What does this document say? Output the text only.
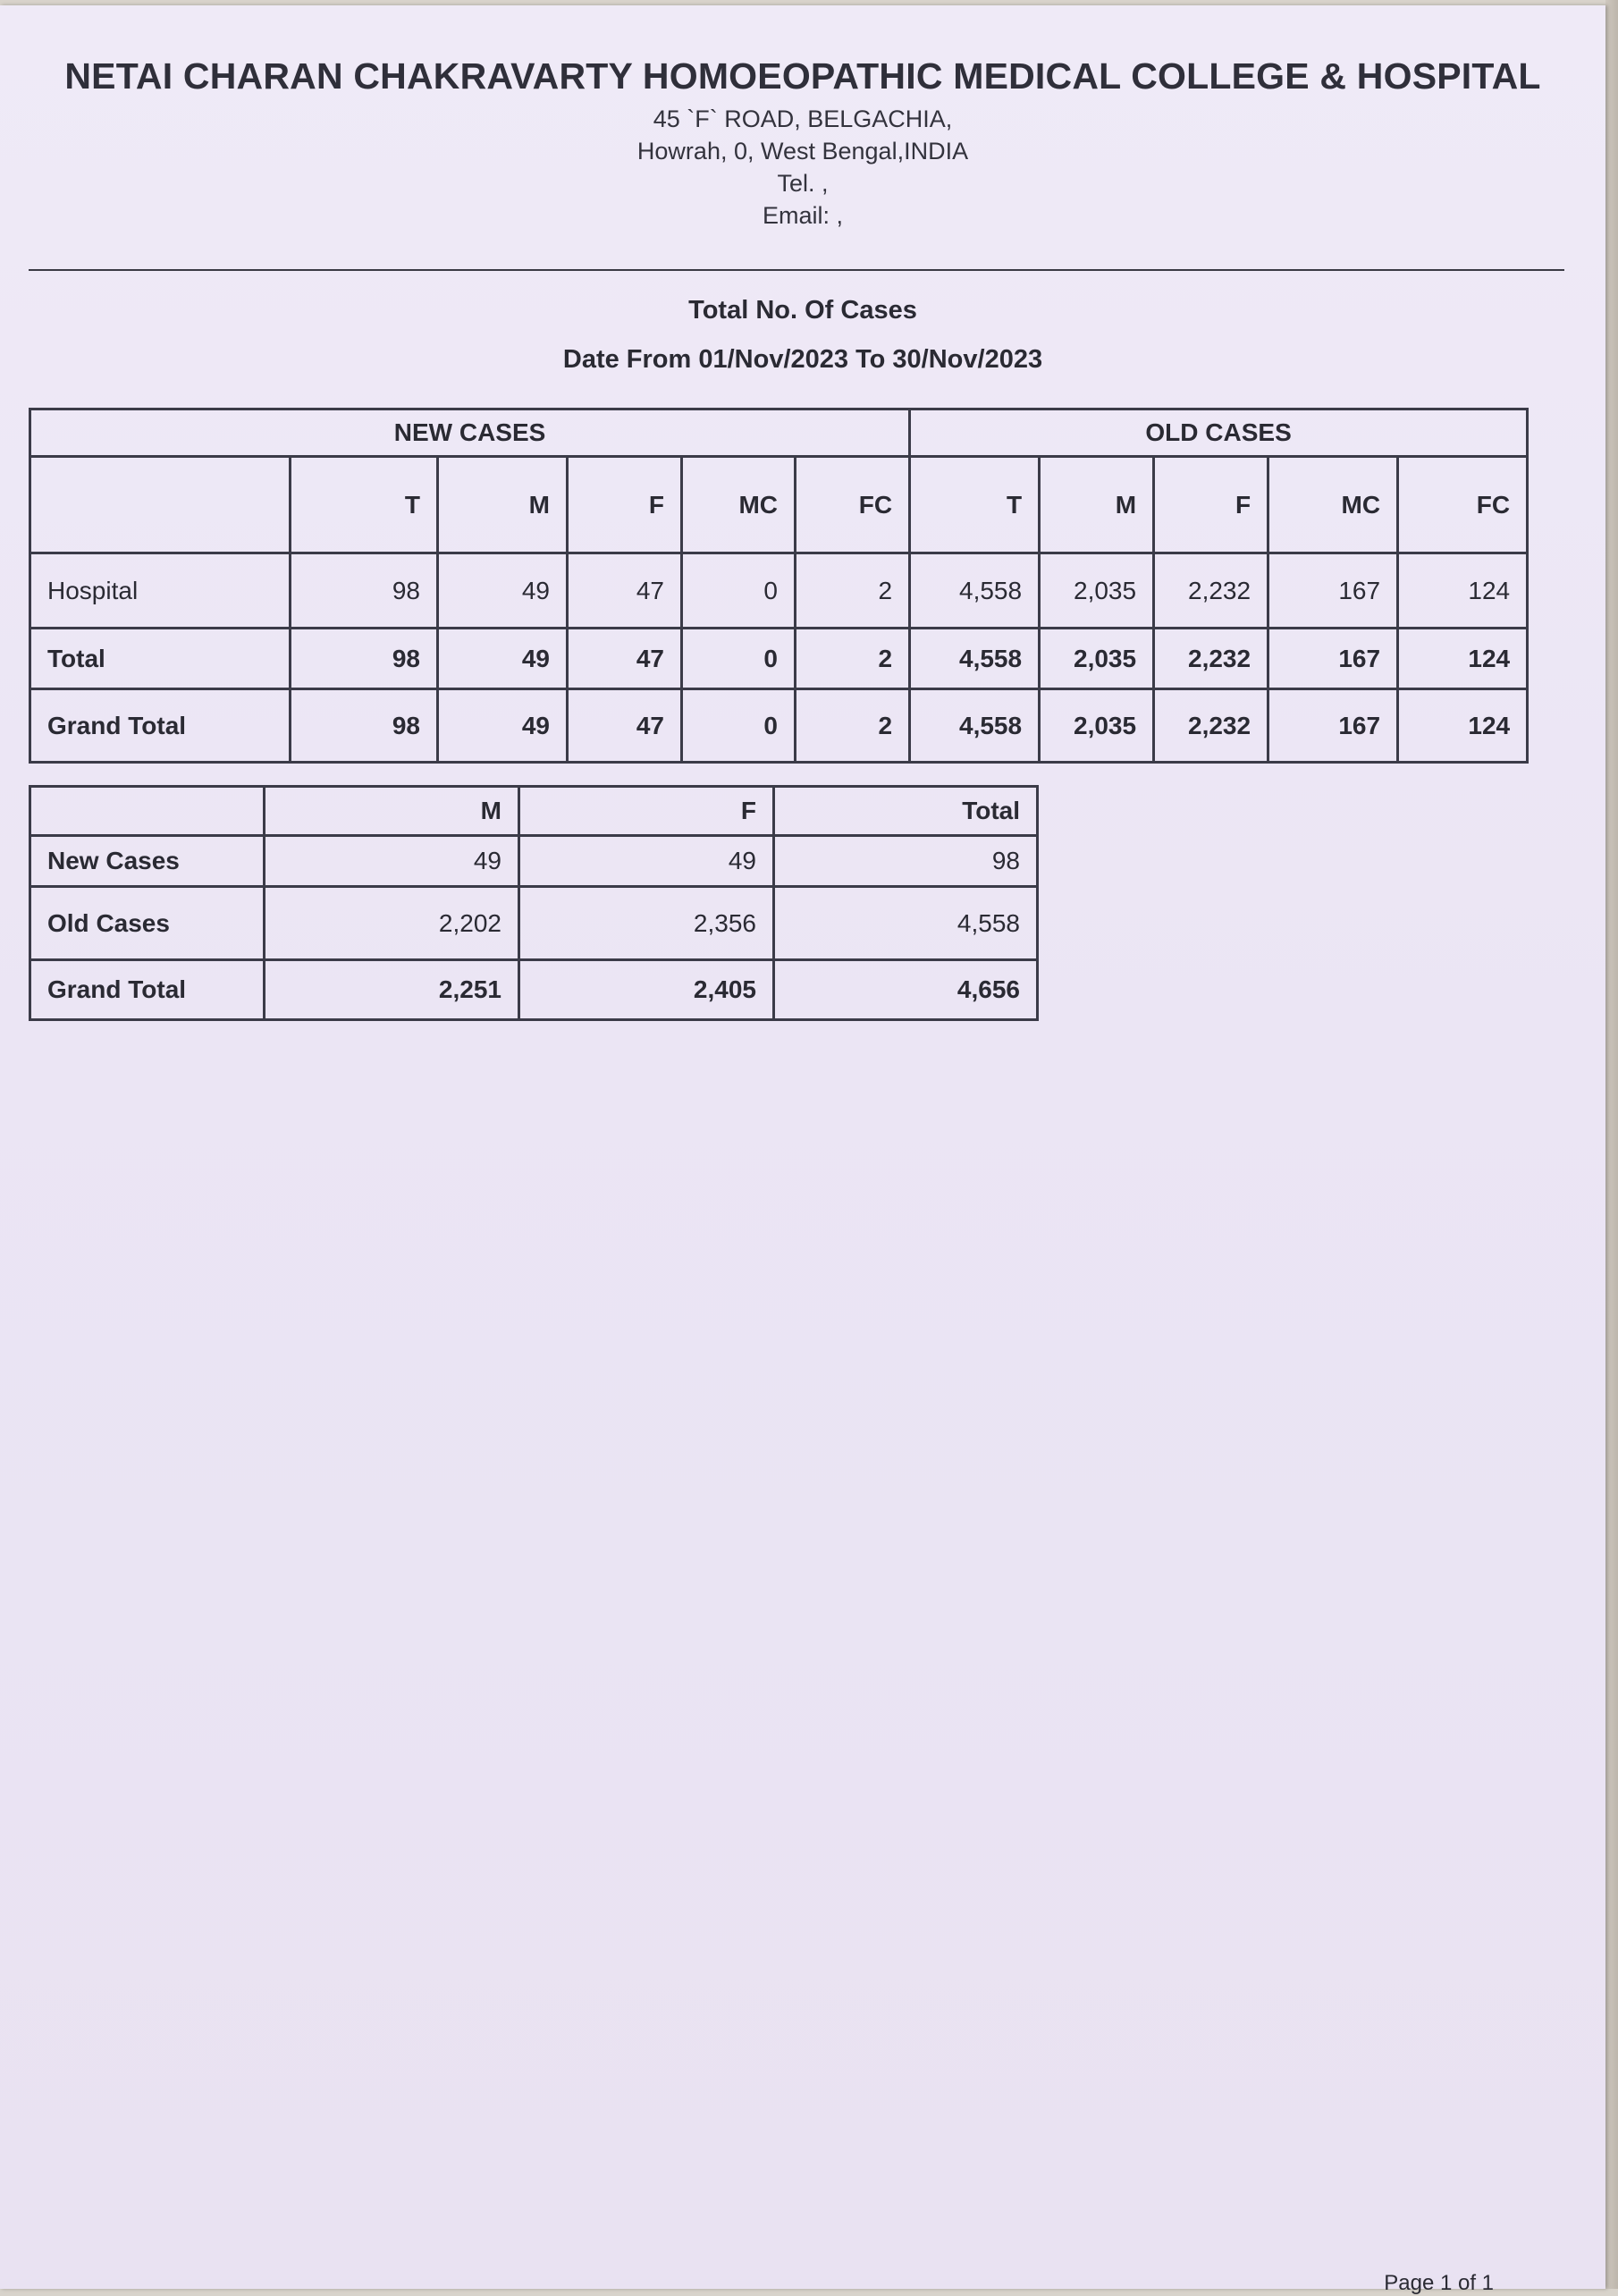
NETAI CHARAN CHAKRAVARTY HOMOEOPATHIC MEDICAL COLLEGE & HOSPITAL
45 `F` ROAD, BELGACHIA,
Howrah, 0, West Bengal,INDIA
Tel. ,
Email: ,
Total No. Of Cases
Date From 01/Nov/2023 To 30/Nov/2023
NEW CASES						OLD CASES				
	T	M	F	MC	FC	T	M	F	MC	FC
Hospital	98	49	47	0	2	4,558	2,035	2,232	167	124
Total	98	49	47	0	2	4,558	2,035	2,232	167	124
Grand Total	98	49	47	0	2	4,558	2,035	2,232	167	124
	M	F	Total
New Cases	49	49	98
Old Cases	2,202	2,356	4,558
Grand Total	2,251	2,405	4,656
Page 1 of 1
